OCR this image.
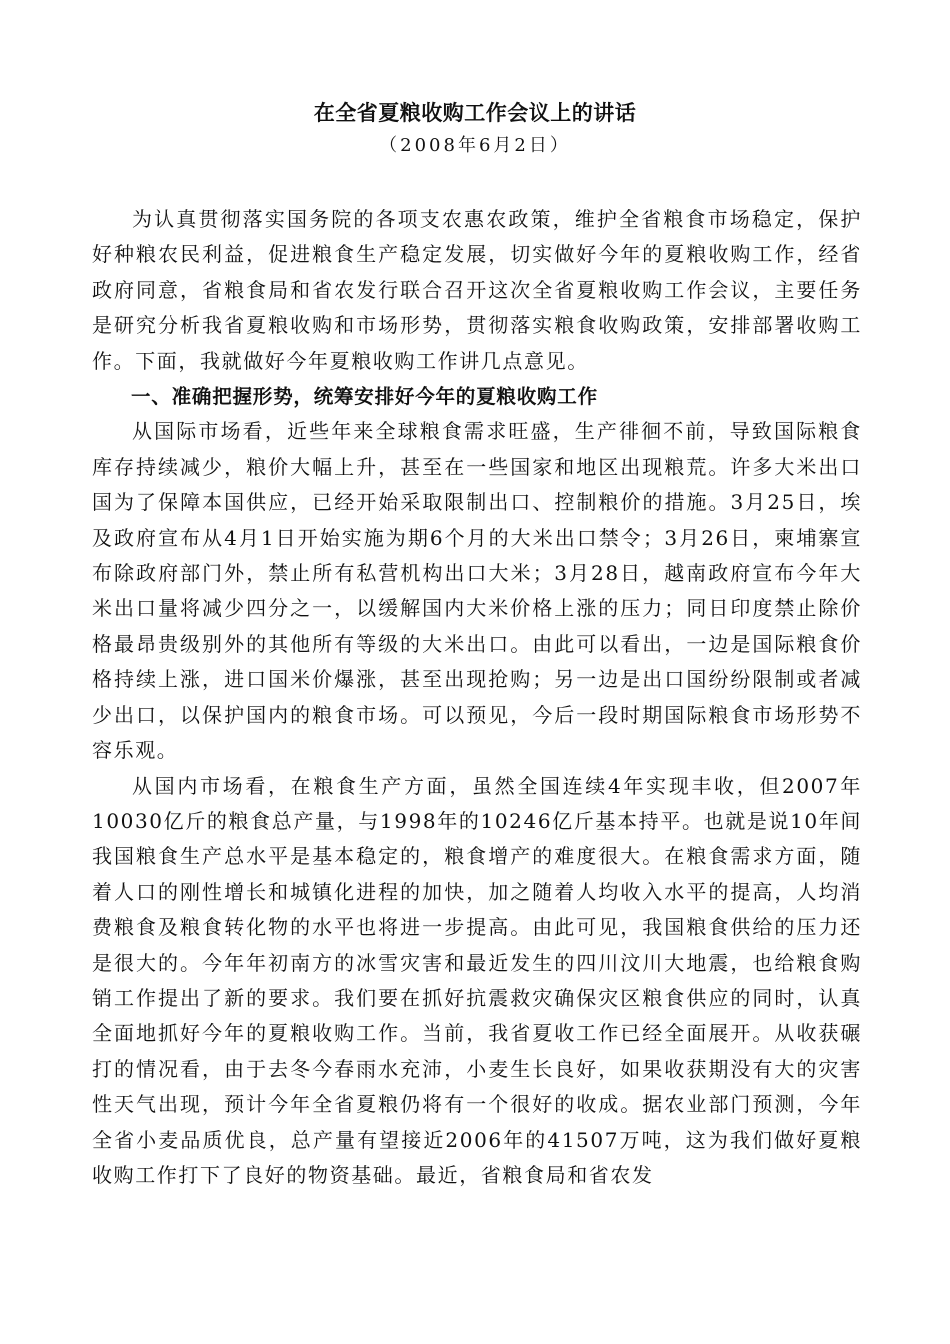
在全省夏粮收购工作会议上的讲话
（2008年6月2日）

为认真贯彻落实国务院的各项支农惠农政策，维护全省粮食市场稳定，保护好种粮农民利益，促进粮食生产稳定发展，切实做好今年的夏粮收购工作，经省政府同意，省粮食局和省农发行联合召开这次全省夏粮收购工作会议，主要任务是研究分析我省夏粮收购和市场形势，贯彻落实粮食收购政策，安排部署收购工作。下面，我就做好今年夏粮收购工作讲几点意见。

一、准确把握形势，统筹安排好今年的夏粮收购工作

从国际市场看，近些年来全球粮食需求旺盛，生产徘徊不前，导致国际粮食库存持续减少，粮价大幅上升，甚至在一些国家和地区出现粮荒。许多大米出口国为了保障本国供应，已经开始采取限制出口、控制粮价的措施。3月25日，埃及政府宣布从4月1日开始实施为期6个月的大米出口禁令；3月26日，柬埔寨宣布除政府部门外，禁止所有私营机构出口大米；3月28日，越南政府宣布今年大米出口量将减少四分之一，以缓解国内大米价格上涨的压力；同日印度禁止除价格最昂贵级别外的其他所有等级的大米出口。由此可以看出，一边是国际粮食价格持续上涨，进口国米价爆涨，甚至出现抢购；另一边是出口国纷纷限制或者减少出口，以保护国内的粮食市场。可以预见，今后一段时期国际粮食市场形势不容乐观。

从国内市场看，在粮食生产方面，虽然全国连续4年实现丰收，但2007年10030亿斤的粮食总产量，与1998年的10246亿斤基本持平。也就是说10年间我国粮食生产总水平是基本稳定的，粮食增产的难度很大。在粮食需求方面，随着人口的刚性增长和城镇化进程的加快，加之随着人均收入水平的提高，人均消费粮食及粮食转化物的水平也将进一步提高。由此可见，我国粮食供给的压力还是很大的。今年年初南方的冰雪灾害和最近发生的四川汶川大地震，也给粮食购销工作提出了新的要求。我们要在抓好抗震救灾确保灾区粮食供应的同时，认真全面地抓好今年的夏粮收购工作。当前，我省夏收工作已经全面展开。从收获碾打的情况看，由于去冬今春雨水充沛，小麦生长良好，如果收获期没有大的灾害性天气出现，预计今年全省夏粮仍将有一个很好的收成。据农业部门预测，今年全省小麦品质优良，总产量有望接近2006年的41507万吨，这为我们做好夏粮收购工作打下了良好的物资基础。最近，省粮食局和省农发
